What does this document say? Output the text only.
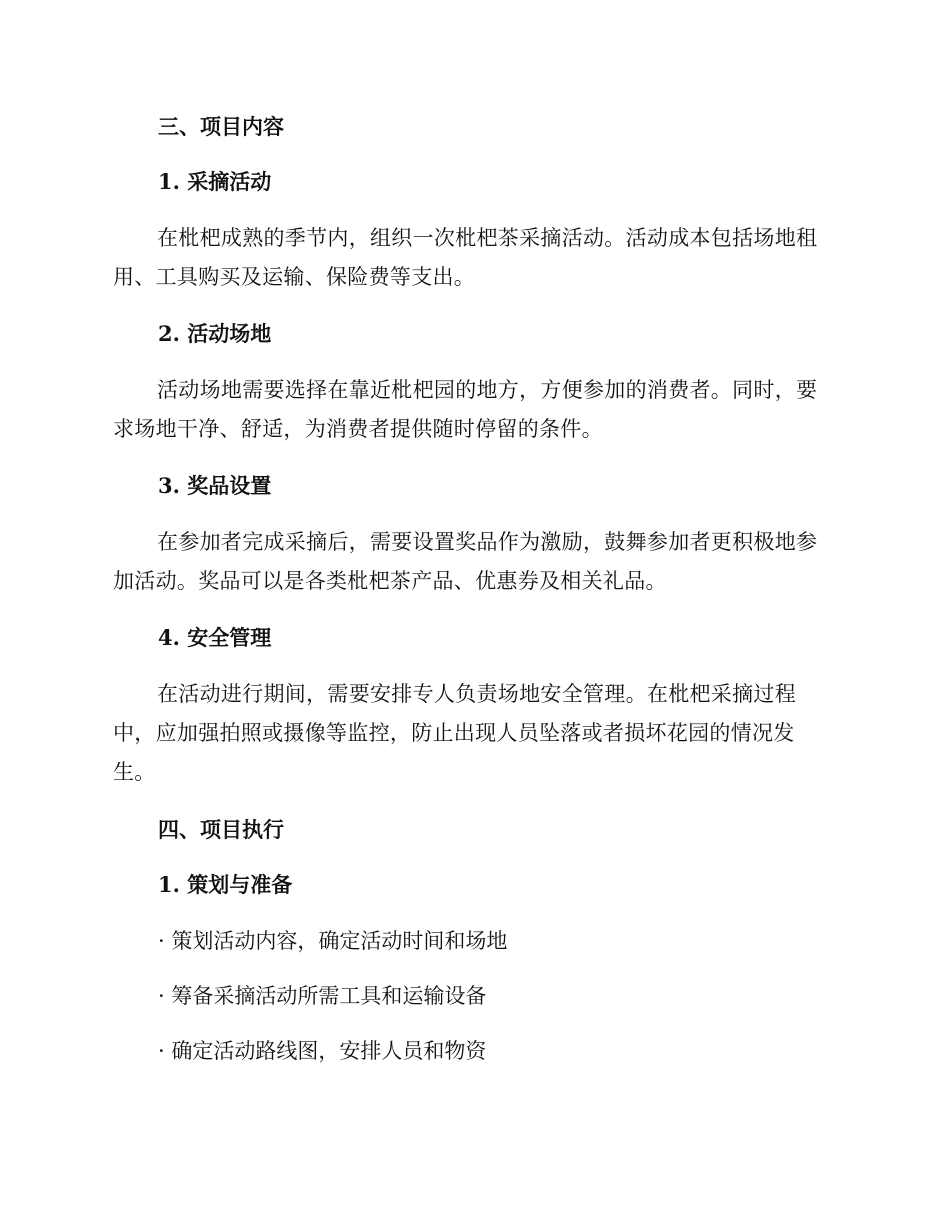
三、项目内容
1. 采摘活动
在枇杷成熟的季节内，组织一次枇杷茶采摘活动。活动成本包括场地租用、工具购买及运输、保险费等支出。
2. 活动场地
活动场地需要选择在靠近枇杷园的地方，方便参加的消费者。同时，要求场地干净、舒适，为消费者提供随时停留的条件。
3. 奖品设置
在参加者完成采摘后，需要设置奖品作为激励，鼓舞参加者更积极地参加活动。奖品可以是各类枇杷茶产品、优惠券及相关礼品。
4. 安全管理
在活动进行期间，需要安排专人负责场地安全管理。在枇杷采摘过程中，应加强拍照或摄像等监控，防止出现人员坠落或者损坏花园的情况发生。
四、项目执行
1. 策划与准备
· 策划活动内容，确定活动时间和场地
· 筹备采摘活动所需工具和运输设备
· 确定活动路线图，安排人员和物资
